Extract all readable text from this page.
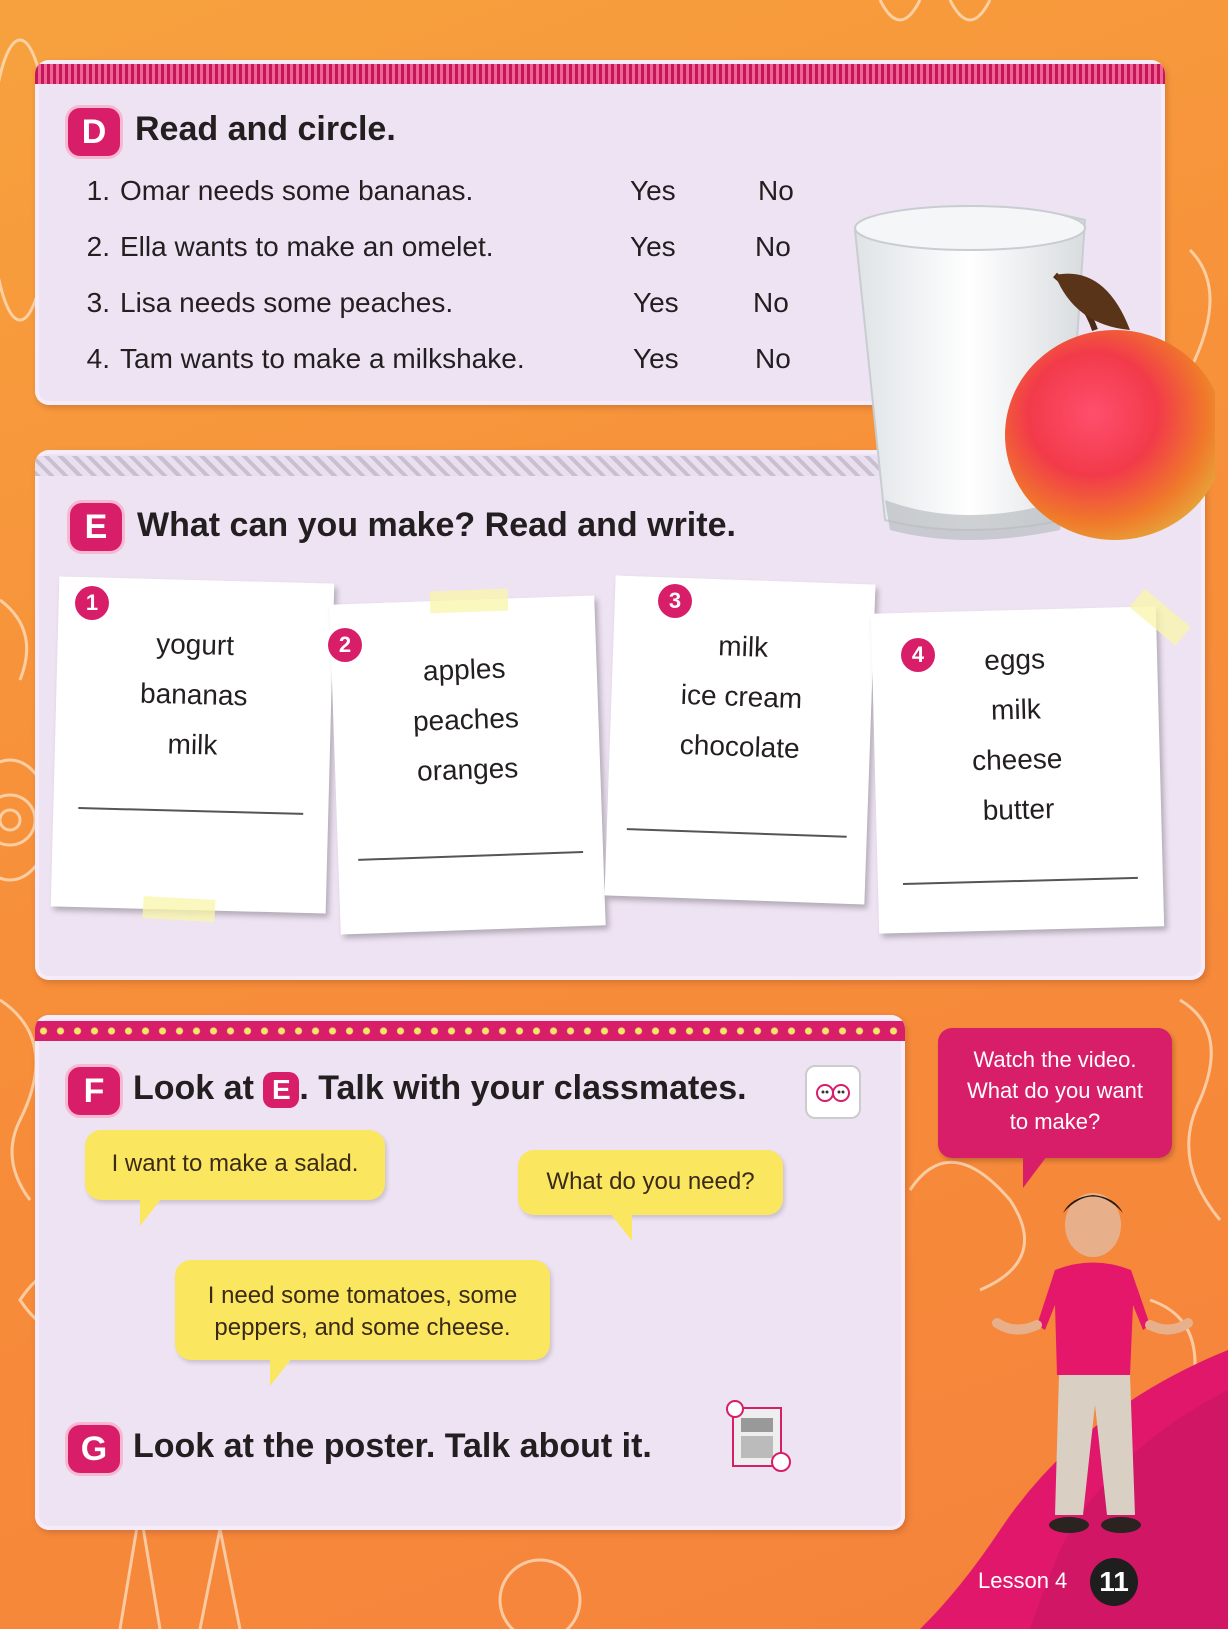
D Read and circle.
1. Omar needs some bananas.	Yes	No
2. Ella wants to make an omelet.	Yes	No
3. Lisa needs some peaches.	Yes	No
4. Tam wants to make a milkshake.	Yes	No
E What can you make? Read and write.
yogurt
bananas
milk
1
apples
peaches
oranges
2	milk
ice cream
chocolate
3
eggs
milk
cheese
butter
4
F Look at E . Talk with your classmates.
I want to make a salad.
What do you need?
I need some tomatoes, some peppers, and some cheese.
G Look at the poster. Talk about it.
Watch the video. What do you want to make?
Lesson 4	11
